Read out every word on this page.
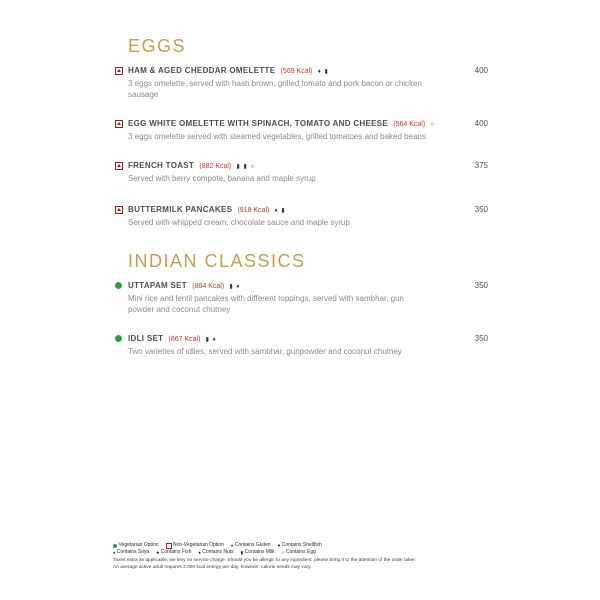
EGGS
HAM & AGED CHEDDAR OMELETTE (569 Kcal) ♦ ▮	400
3 eggs omelette, served with hash brown, grilled tomato and pork bacon or chicken sausage
EGG WHITE OMELETTE WITH SPINACH, TOMATO AND CHEESE (564 Kcal) ○	400
3 eggs omelette served with steamed vegetables, grilled tomatoes and baked beans
FRENCH TOAST (882 Kcal) ▮ ▮ ○	375
Served with berry compote, banana and maple syrup
BUTTERMILK PANCAKES (918 Kcal) ♦ ▮	350
Served with whipped cream, chocolate sauce and maple syrup
INDIAN CLASSICS
UTTAPAM SET (884 Kcal) ▮ ♦	350
Mini rice and lentil pancakes with different toppings, served with sambhar, gun powder and coconut chutney
IDLI SET (867 Kcal) ▮ ♦	350
Two varieties of idlies, served with sambhar, gunpowder and coconut chutney
Vegetarian Option	Non-Vegetarian Option ♦ Contains Gluten ♥ Contains Shellfish
♦ Contains Soya ♣ Contains Fish ♠ Contains Nuts ▮ Contains Milk ○ Contains Egg

Taxes extra as applicable, we levy no service charge. Should you be allergic to any ingredient, please bring it to the attention of the order taker.

An average active adult requires 2,000 kcal energy per day, however, calorie needs may vary.
